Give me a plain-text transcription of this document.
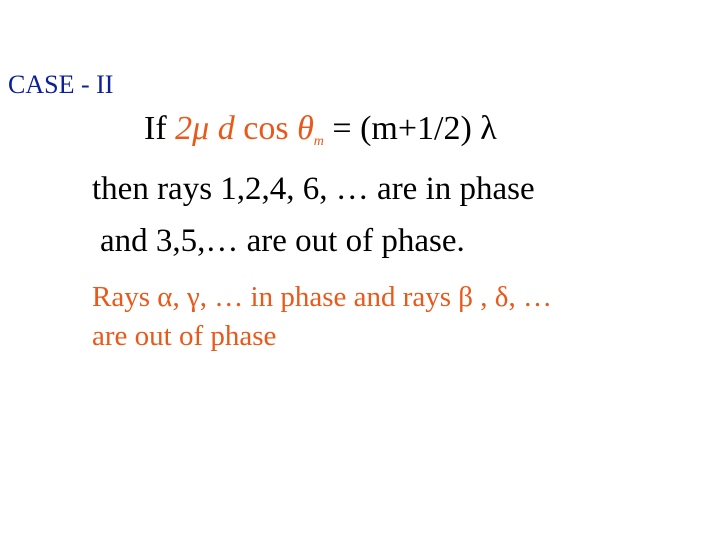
CASE - II
If 2μ d $\cos \theta_m = (m+1/2)$ λ
then rays 1,2,4, 6, … are in phase
and 3,5,… are out of phase.
Rays α, γ, … in phase and rays β , δ, …
are out of phase
